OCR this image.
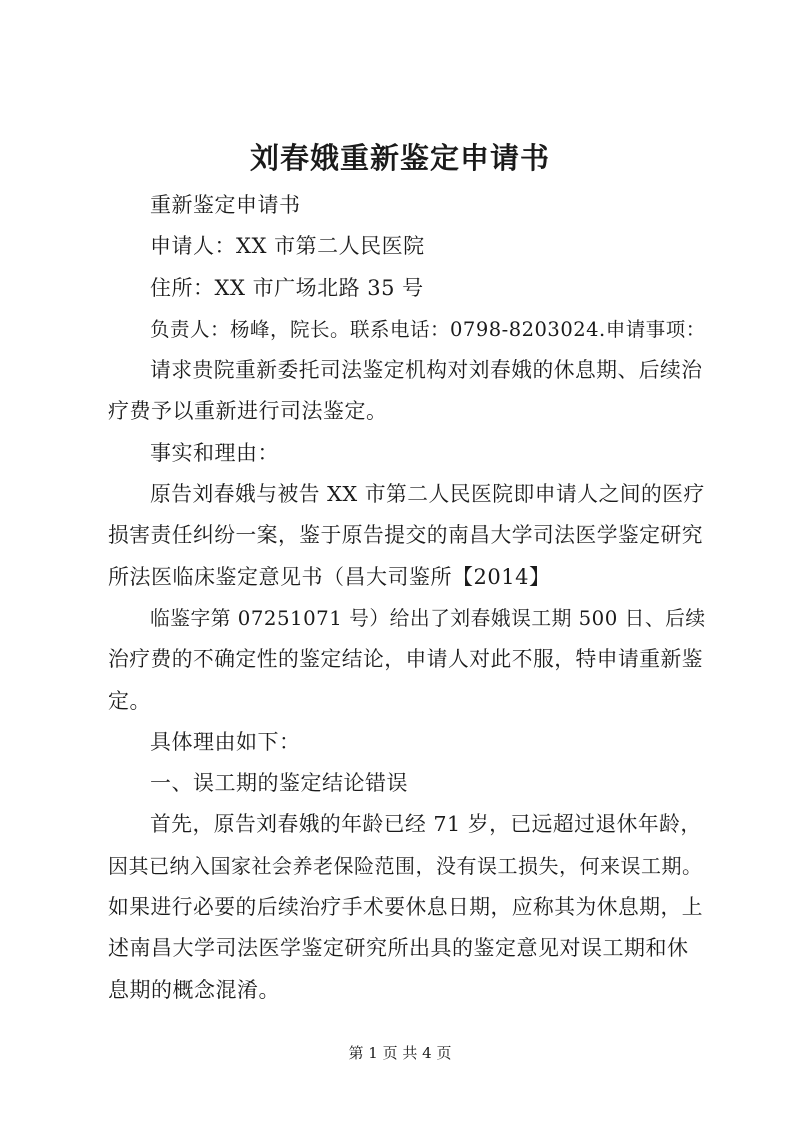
刘春娥重新鉴定申请书
重新鉴定申请书
申请人：XX 市第二人民医院
住所：XX 市广场北路 35 号
负责人：杨峰，院长。联系电话：0798-8203024.申请事项：
请求贵院重新委托司法鉴定机构对刘春娥的休息期、后续治
疗费予以重新进行司法鉴定。
事实和理由：
原告刘春娥与被告 XX 市第二人民医院即申请人之间的医疗
损害责任纠纷一案，鉴于原告提交的南昌大学司法医学鉴定研究
所法医临床鉴定意见书（昌大司鉴所【2014】
临鉴字第 07251071 号）给出了刘春娥误工期 500 日、后续
治疗费的不确定性的鉴定结论，申请人对此不服，特申请重新鉴
定。
具体理由如下：
一、误工期的鉴定结论错误
首先，原告刘春娥的年龄已经 71 岁，已远超过退休年龄，
因其已纳入国家社会养老保险范围，没有误工损失，何来误工期。
如果进行必要的后续治疗手术要休息日期，应称其为休息期，上
述南昌大学司法医学鉴定研究所出具的鉴定意见对误工期和休
息期的概念混淆。
第 1 页 共 4 页
